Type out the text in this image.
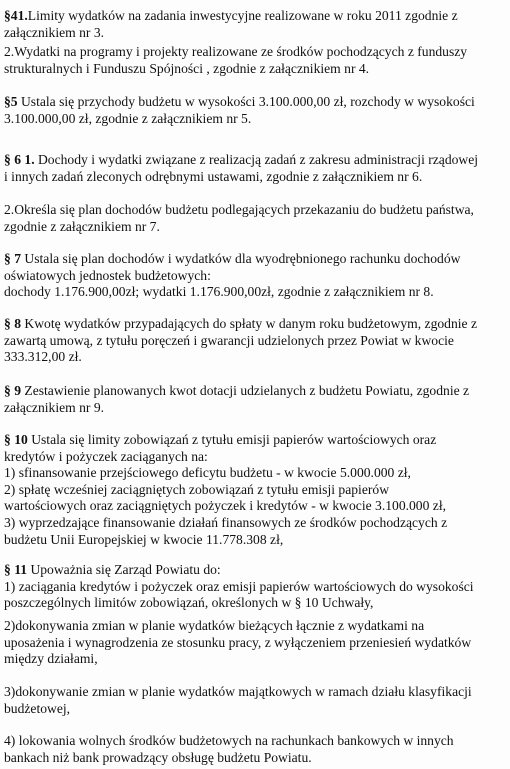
§41.Limity wydatków na zadania inwestycyjne realizowane w roku 2011 zgodnie z
załącznikiem nr 3.

2.Wydatki na programy i projekty realizowane ze środków pochodzących z funduszy
strukturalnych i Funduszu Spójności , zgodnie z załącznikiem nr 4.

§5 Ustala się przychody budżetu w wysokości 3.100.000,00 zł, rozchody w wysokości
3.100.000,00 zł, zgodnie z załącznikiem nr 5.

§ 6 1. Dochody i wydatki związane z realizacją zadań z zakresu administracji rządowej
i innych zadań zleconych odrębnymi ustawami, zgodnie z załącznikiem nr 6.

2.Określa się plan dochodów budżetu podlegających przekazaniu do budżetu państwa,
zgodnie z załącznikiem nr 7.

§ 7 Ustala się plan dochodów i wydatków dla wyodrębnionego rachunku dochodów
oświatowych jednostek budżetowych:
dochody 1.176.900,00zł; wydatki 1.176.900,00zł, zgodnie z załącznikiem nr 8.

§ 8 Kwotę wydatków przypadających do spłaty w danym roku budżetowym, zgodnie z
zawartą umową, z tytułu poręczeń i gwarancji udzielonych przez Powiat w kwocie
333.312,00 zł.

§ 9 Zestawienie planowanych kwot dotacji udzielanych z budżetu Powiatu, zgodnie z
załącznikiem nr 9.

§ 10 Ustala się limity zobowiązań z tytułu emisji papierów wartościowych oraz
kredytów i pożyczek zaciąganych na:
1) sfinansowanie przejściowego deficytu budżetu - w kwocie 5.000.000 zł,
2) spłatę wcześniej zaciągniętych zobowiązań z tytułu emisji papierów
wartościowych oraz zaciągniętych pożyczek i kredytów - w kwocie 3.100.000 zł,
3) wyprzedzające finansowanie działań finansowych ze środków pochodzących z
budżetu Unii Europejskiej w kwocie 11.778.308 zł,

§ 11 Upoważnia się Zarząd Powiatu do:
1) zaciągania kredytów i pożyczek oraz emisji papierów wartościowych do wysokości
poszczególnych limitów zobowiązań, określonych w § 10 Uchwały,

2)dokonywania zmian w planie wydatków bieżących łącznie z wydatkami na
uposażenia i wynagrodzenia ze stosunku pracy, z wyłączeniem przeniesień wydatków
między działami,

3)dokonywanie zmian w planie wydatków majątkowych w ramach działu klasyfikacji
budżetowej,

4) lokowania wolnych środków budżetowych na rachunkach bankowych w innych
bankach niż bank prowadzący obsługę budżetu Powiatu.
